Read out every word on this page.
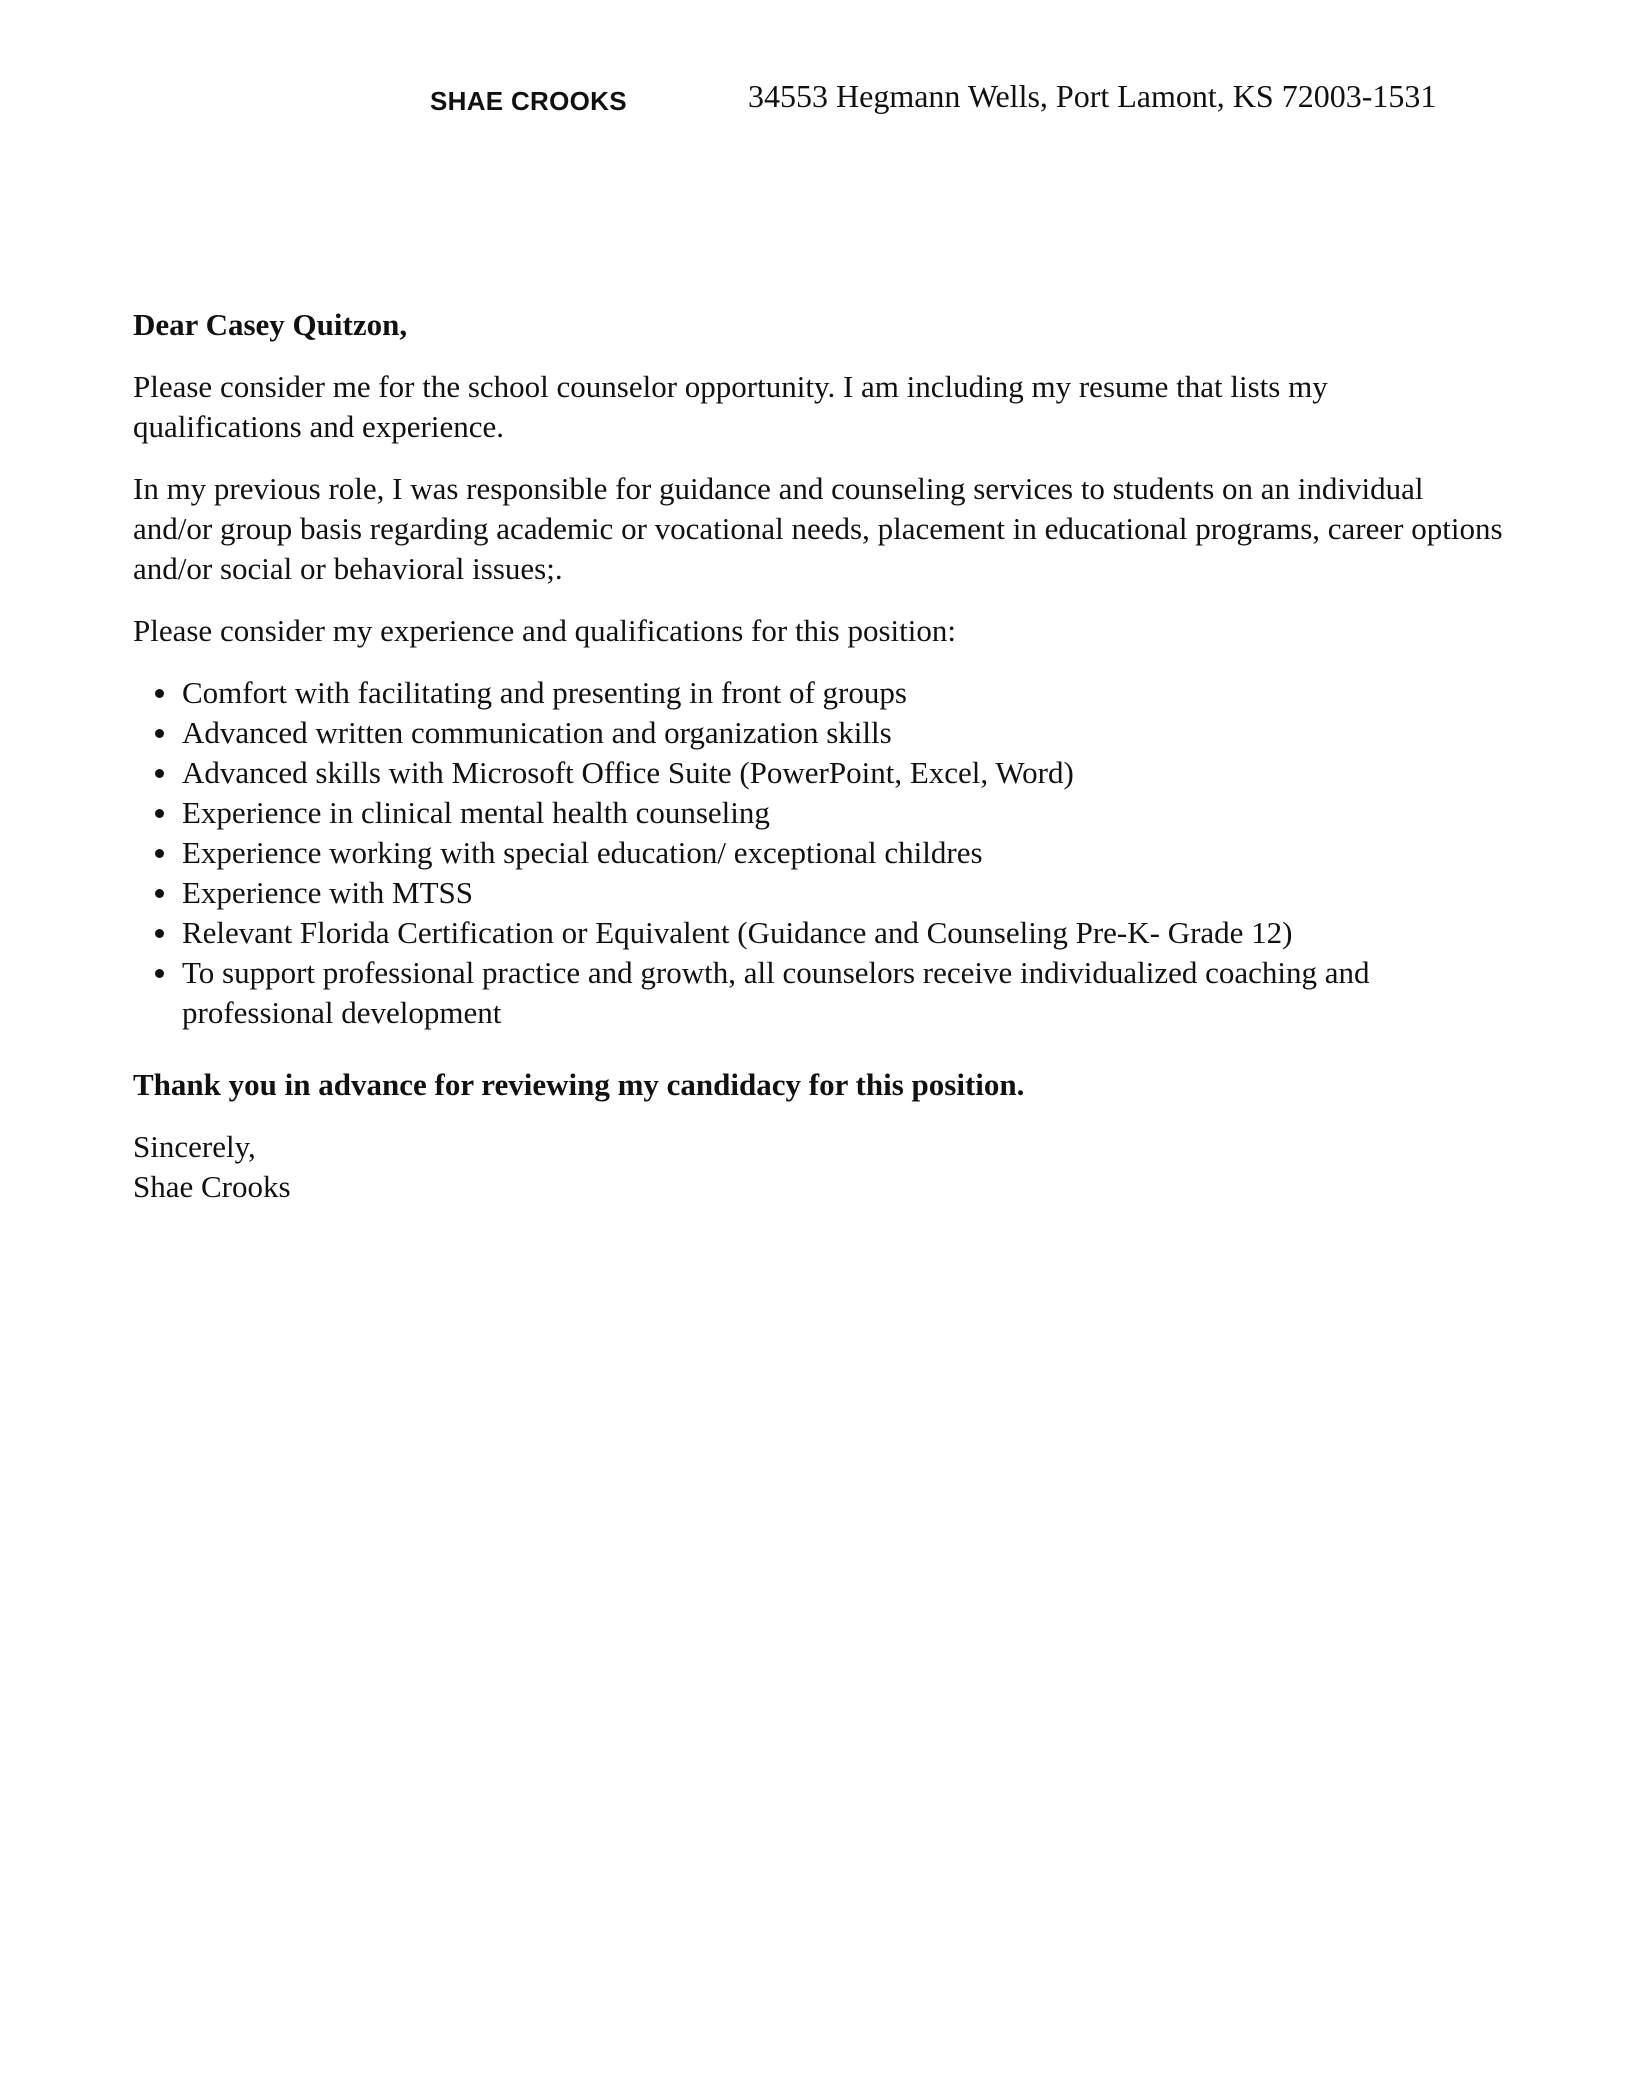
SHAE CROOKS	34553 Hegmann Wells, Port Lamont, KS 72003-1531

Dear Casey Quitzon,

Please consider me for the school counselor opportunity. I am including my resume that lists my qualifications and experience.

In my previous role, I was responsible for guidance and counseling services to students on an individual and/or group basis regarding academic or vocational needs, placement in educational programs, career options and/or social or behavioral issues;.

Please consider my experience and qualifications for this position:

Comfort with facilitating and presenting in front of groups
Advanced written communication and organization skills
Advanced skills with Microsoft Office Suite (PowerPoint, Excel, Word)
Experience in clinical mental health counseling
Experience working with special education/ exceptional childres
Experience with MTSS
Relevant Florida Certification or Equivalent (Guidance and Counseling Pre-K- Grade 12)
To support professional practice and growth, all counselors receive individualized coaching and professional development

Thank you in advance for reviewing my candidacy for this position.

Sincerely,

Shae Crooks
